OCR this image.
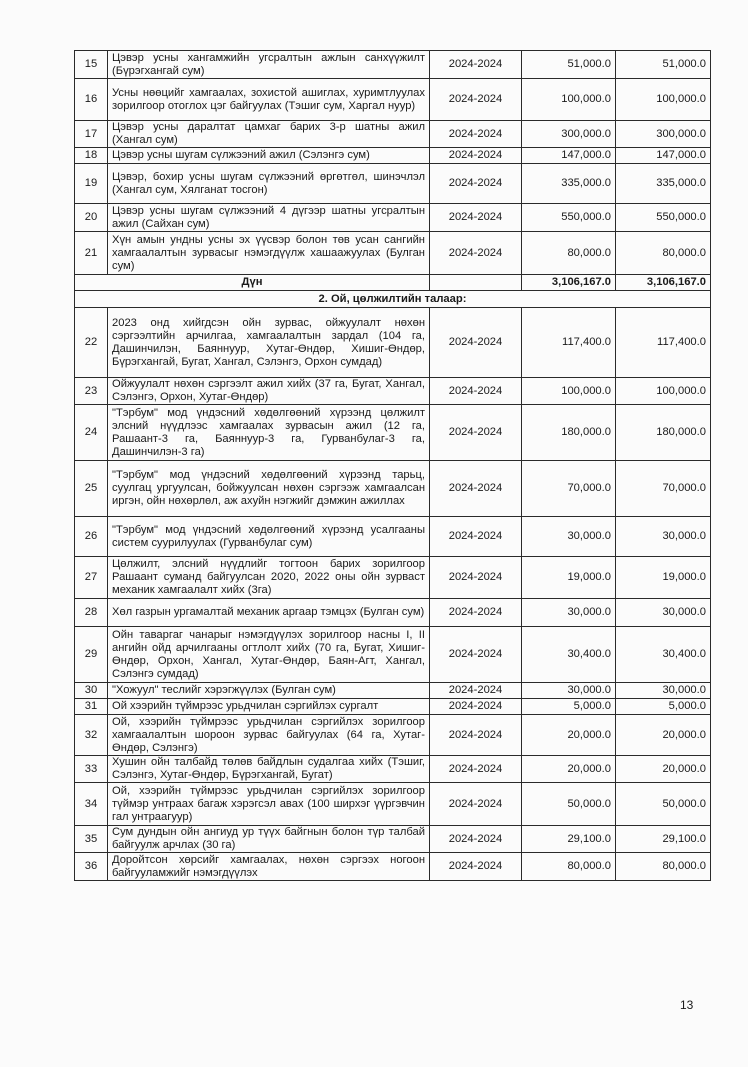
15	Цэвэр усны хангамжийн угсралтын ажлын санхүүжилт (Бүрэгхангай сум)	2024-2024	51,000.0	51,000.0
16	Усны нөөцийг хамгаалах, зохистой ашиглах, хуримтлуулах зорилгоор отоглох цэг байгуулах (Тэшиг сум, Харгал нуур)	2024-2024	100,000.0	100,000.0
17	Цэвэр усны даралтат цамхаг барих 3-р шатны ажил (Хангал сум)	2024-2024	300,000.0	300,000.0
18	Цэвэр усны шугам сүлжээний ажил (Сэлэнгэ сум)	2024-2024	147,000.0	147,000.0
19	Цэвэр, бохир усны шугам сүлжээний өргөтгөл, шинэчлэл (Хангал сум, Хялганат тосгон)	2024-2024	335,000.0	335,000.0
20	Цэвэр усны шугам сүлжээний 4 дүгээр шатны угсралтын ажил (Сайхан сум)	2024-2024	550,000.0	550,000.0
21	Хүн амын ундны усны эх үүсвэр болон төв усан сангийн хамгаалалтын зурвасыг нэмэгдүүлж хашаажуулах (Булган сум)	2024-2024	80,000.0	80,000.0
Дүн			3,106,167.0	3,106,167.0
2. Ой, цөлжилтийн талаар:				
22	2023 онд хийгдсэн ойн зурвас, ойжуулалт нөхөн сэргээлтийн арчилгаа, хамгаалалтын зардал (104 га, Дашинчилэн, Баяннуур, Хутаг-Өндөр, Хишиг-Өндөр, Бүрэгхангай, Бугат, Хангал, Сэлэнгэ, Орхон сумдад)	2024-2024	117,400.0	117,400.0
23	Ойжуулалт нөхөн сэргээлт ажил хийх (37 га, Бугат, Хангал, Сэлэнгэ, Орхон, Хутаг-Өндөр)	2024-2024	100,000.0	100,000.0
24	"Тэрбум" мод үндэсний хөдөлгөөний хүрээнд цөлжилт элсний нүүдлээс хамгаалах зурвасын ажил (12 га, Рашаант-3 га, Баяннуур-3 га, Гурванбулаг-3 га, Дашинчилэн-3 га)	2024-2024	180,000.0	180,000.0
25	"Тэрбум" мод үндэсний хөдөлгөөний хүрээнд тарьц, суулгац ургуулсан, бойжуулсан нөхөн сэргээж хамгаалсан иргэн, ойн нөхөрлөл, аж ахуйн нэгжийг дэмжин ажиллах	2024-2024	70,000.0	70,000.0
26	"Тэрбум" мод үндэсний хөдөлгөөний хүрээнд усалгааны систем суурилуулах (Гурванбулаг сум)	2024-2024	30,000.0	30,000.0
27	Цөлжилт, элсний нүүдлийг тогтоон барих зорилгоор Рашаант суманд байгуулсан 2020, 2022 оны ойн зурваст механик хамгаалалт хийх (3га)	2024-2024	19,000.0	19,000.0
28	Хөл газрын ургамалтай механик аргаар тэмцэх (Булган сум)	2024-2024	30,000.0	30,000.0
29	Ойн таваргаг чанарыг нэмэгдүүлэх зорилгоор насны I, II ангийн ойд арчилгааны огтлолт хийх (70 га, Бугат, Хишиг-Өндөр, Орхон, Хангал, Хутаг-Өндөр, Баян-Агт, Хангал, Сэлэнгэ сумдад)	2024-2024	30,400.0	30,400.0
30	"Хожуул" теслийг хэрэгжүүлэх (Булган сум)	2024-2024	30,000.0	30,000.0
31	Ой хээрийн түймрээс урьдчилан сэргийлэх сургалт	2024-2024	5,000.0	5,000.0
32	Ой, хээрийн түймрээс урьдчилан сэргийлэх зорилгоор хамгаалалтын шороон зурвас байгуулах (64 га, Хутаг-Өндөр, Сэлэнгэ)	2024-2024	20,000.0	20,000.0
33	Хушин ойн талбайд төлөв байдлын судалгаа хийх (Тэшиг, Сэлэнгэ, Хутаг-Өндөр, Бүрэгхангай, Бугат)	2024-2024	20,000.0	20,000.0
34	Ой, хээрийн түймрээс урьдчилан сэргийлэх зорилгоор түймэр унтраах багаж хэрэгсэл авах (100 ширхэг үүргэвчин гал унтраагуур)	2024-2024	50,000.0	50,000.0
35	Сум дундын ойн ангиуд ур түүх байгнын болон түр талбай байгуулж арчлах (30 га)	2024-2024	29,100.0	29,100.0
36	Доройтсон хөрсийг хамгаалах, нөхөн сэргээх ногоон байгууламжийг нэмэгдүүлэх	2024-2024	80,000.0	80,000.0
13
